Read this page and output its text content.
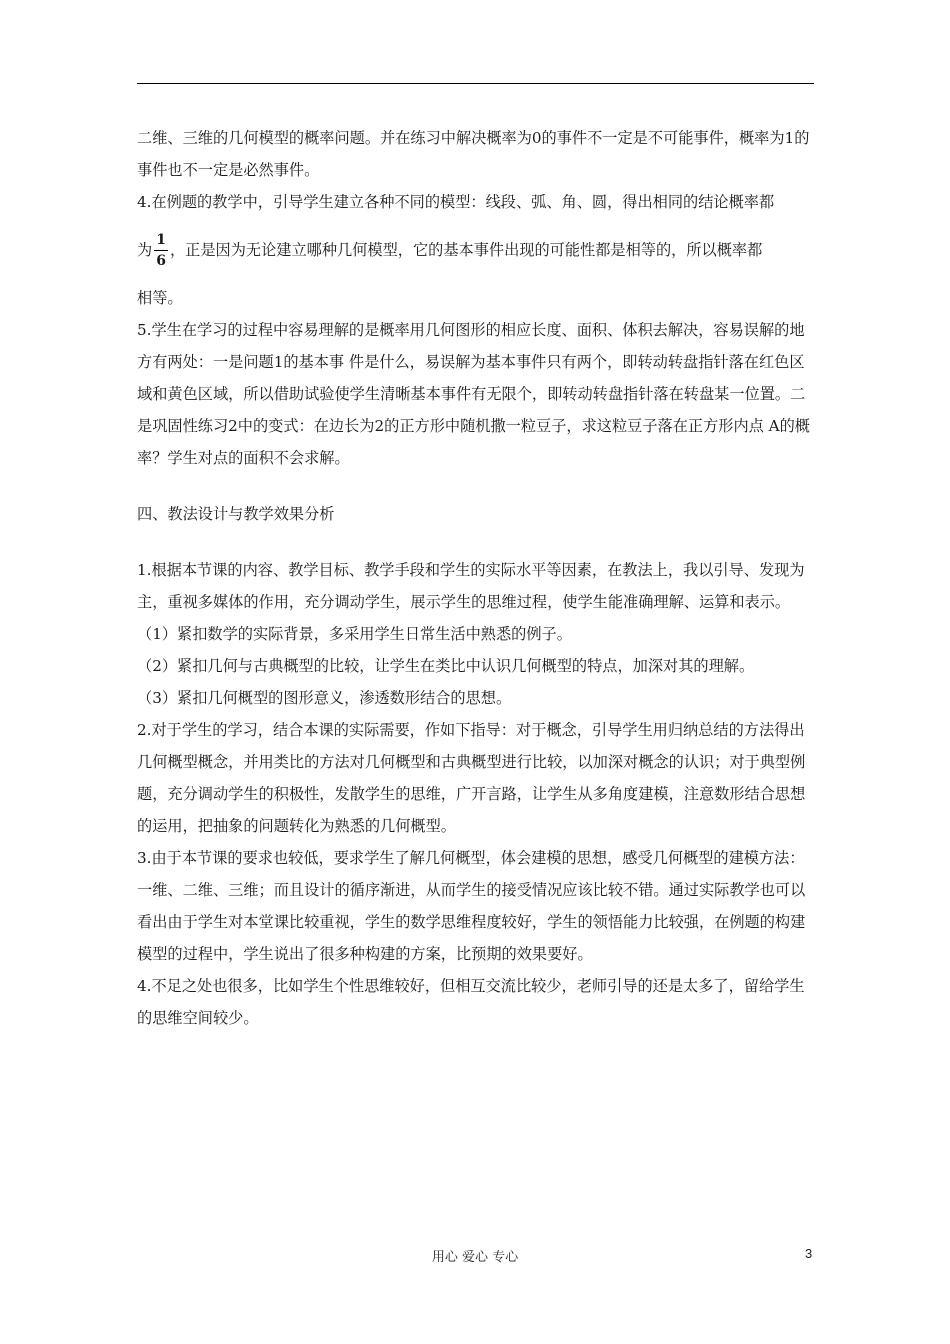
二维、三维的几何模型的概率问题。并在练习中解决概率为0的事件不一定是不可能事件，概率为1的事件也不一定是必然事件。

4.在例题的教学中，引导学生建立各种不同的模型：线段、弧、角、圆，得出相同的结论概率都

为 $\frac{1}{6}$ ，正是因为无论建立哪种几何模型，它的基本事件出现的可能性都是相等的，所以概率都

相等。

5.学生在学习的过程中容易理解的是概率用几何图形的相应长度、面积、体积去解决，容易误解的地方有两处：一是问题1的基本事 件是什么，易误解为基本事件只有两个，即转动转盘指针落在红色区域和黄色区域，所以借助试验使学生清晰基本事件有无限个，即转动转盘指针落在转盘某一位置。二是巩固性练习2中的变式：在边长为2的正方形中随机撒一粒豆子，求这粒豆子落在正方形内点 A的概率？学生对点的面积不会求解。

四、教法设计与教学效果分析

1.根据本节课的内容、教学目标、教学手段和学生的实际水平等因素，在教法上，我以引导、发现为主，重视多媒体的作用，充分调动学生，展示学生的思维过程，使学生能准确理解、运算和表示。

（1）紧扣数学的实际背景，多采用学生日常生活中熟悉的例子。

（2）紧扣几何与古典概型的比较，让学生在类比中认识几何概型的特点，加深对其的理解。

（3）紧扣几何概型的图形意义，渗透数形结合的思想。

2.对于学生的学习，结合本课的实际需要，作如下指导：对于概念，引导学生用归纳总结的方法得出几何概型概念，并用类比的方法对几何概型和古典概型进行比较，以加深对概念的认识；对于典型例题，充分调动学生的积极性，发散学生的思维，广开言路，让学生从多角度建模，注意数形结合思想的运用，把抽象的问题转化为熟悉的几何概型。

3.由于本节课的要求也较低，要求学生了解几何概型，体会建模的思想，感受几何概型的建模方法：一维、二维、三维；而且设计的循序渐进，从而学生的接受情况应该比较不错。通过实际教学也可以看出由于学生对本堂课比较重视，学生的数学思维程度较好，学生的领悟能力比较强，在例题的构建模型的过程中，学生说出了很多种构建的方案，比预期的效果要好。

4.不足之处也很多，比如学生个性思维较好，但相互交流比较少，老师引导的还是太多了，留给学生的思维空间较少。

用心 爱心 专心	3
